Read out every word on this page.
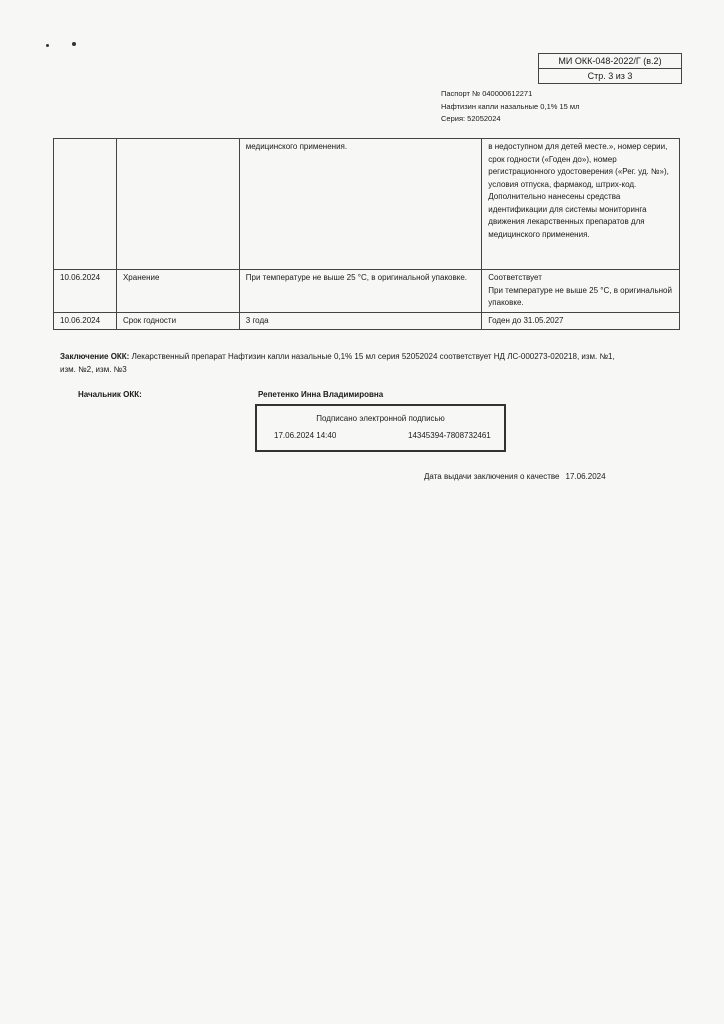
МИ ОКК-048-2022/Г (в.2)
Стр. 3 из 3
Паспорт № 040000612271
Нафтизин капли назальные 0,1% 15 мл
Серия: 52052024
		медицинского применения.	в недоступном для детей месте.», номер серии, срок годности («Годен до»), номер регистрационного удостоверения («Рег. уд. №»), условия отпуска, фармакод, штрих-код. Дополнительно нанесены средства идентификации для системы мониторинга движения лекарственных препаратов для медицинского применения.
10.06.2024	Хранение	При температуре не выше 25 °С, в оригинальной упаковке.	Соответствует
При температуре не выше 25 °С, в оригинальной упаковке.

10.06.2024	Срок годности	3 года	Годен до 31.05.2027
Заключение ОКК: Лекарственный препарат Нафтизин капли назальные 0,1% 15 мл серия 52052024 соответствует НД ЛС-000273-020218, изм. №1, изм. №2, изм. №3
Начальник ОКК:	Репетенко Инна Владимировна
Подписано электронной подписью
17.06.2024 14:40	14345394-7808732461
Дата выдачи заключения о качестве 17.06.2024
